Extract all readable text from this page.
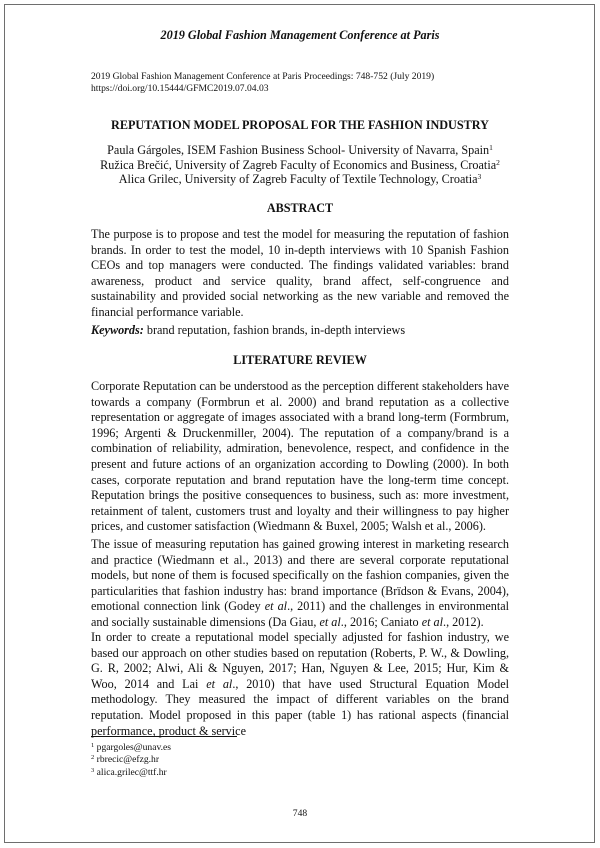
2019 Global Fashion Management Conference at Paris
2019 Global Fashion Management Conference at Paris Proceedings: 748-752 (July 2019)
https://doi.org/10.15444/GFMC2019.07.04.03
REPUTATION MODEL PROPOSAL FOR THE FASHION INDUSTRY
Paula Gárgoles, ISEM Fashion Business School- University of Navarra, Spain$^1$
Ružica Brečić, University of Zagreb Faculty of Economics and Business, Croatia$^2$
Alica Grilec, University of Zagreb Faculty of Textile Technology, Croatia$^3$
ABSTRACT
The purpose is to propose and test the model for measuring the reputation of fashion brands. In order to test the model, 10 in-depth interviews with 10 Spanish Fashion CEOs and top managers were conducted. The findings validated variables: brand awareness, product and service quality, brand affect, self-congruence and sustainability and provided social networking as the new variable and removed the financial performance variable.
Keywords: brand reputation, fashion brands, in-depth interviews
LITERATURE REVIEW
Corporate Reputation can be understood as the perception different stakeholders have towards a company (Formbrun et al. 2000) and brand reputation as a collective representation or aggregate of images associated with a brand long-term (Formbrum, 1996; Argenti & Druckenmiller, 2004). The reputation of a company/brand is a combination of reliability, admiration, benevolence, respect, and confidence in the present and future actions of an organization according to Dowling (2000). In both cases, corporate reputation and brand reputation have the long-term time concept. Reputation brings the positive consequences to business, such as: more investment, retainment of talent, customers trust and loyalty and their willingness to pay higher prices, and customer satisfaction (Wiedmann & Buxel, 2005; Walsh et al., 2006).
The issue of measuring reputation has gained growing interest in marketing research and practice (Wiedmann et al., 2013) and there are several corporate reputational models, but none of them is focused specifically on the fashion companies, given the particularities that fashion industry has: brand importance (Brïdson & Evans, 2004), emotional connection link (Godey et al., 2011) and the challenges in environmental and socially sustainable dimensions (Da Giau, et al., 2016; Caniato et al., 2012).
In order to create a reputational model specially adjusted for fashion industry, we based our approach on other studies based on reputation (Roberts, P. W., & Dowling, G. R, 2002; Alwi, Ali & Nguyen, 2017; Han, Nguyen & Lee, 2015; Hur, Kim & Woo, 2014 and Lai et al., 2010) that have used Structural Equation Model methodology. They measured the impact of different variables on the brand reputation. Model proposed in this paper (table 1) has rational aspects (financial performance, product & service
$^1$ pgargoles@unav.es
$^2$ rbrecic@efzg.hr
$^3$ alica.grilec@ttf.hr
748
